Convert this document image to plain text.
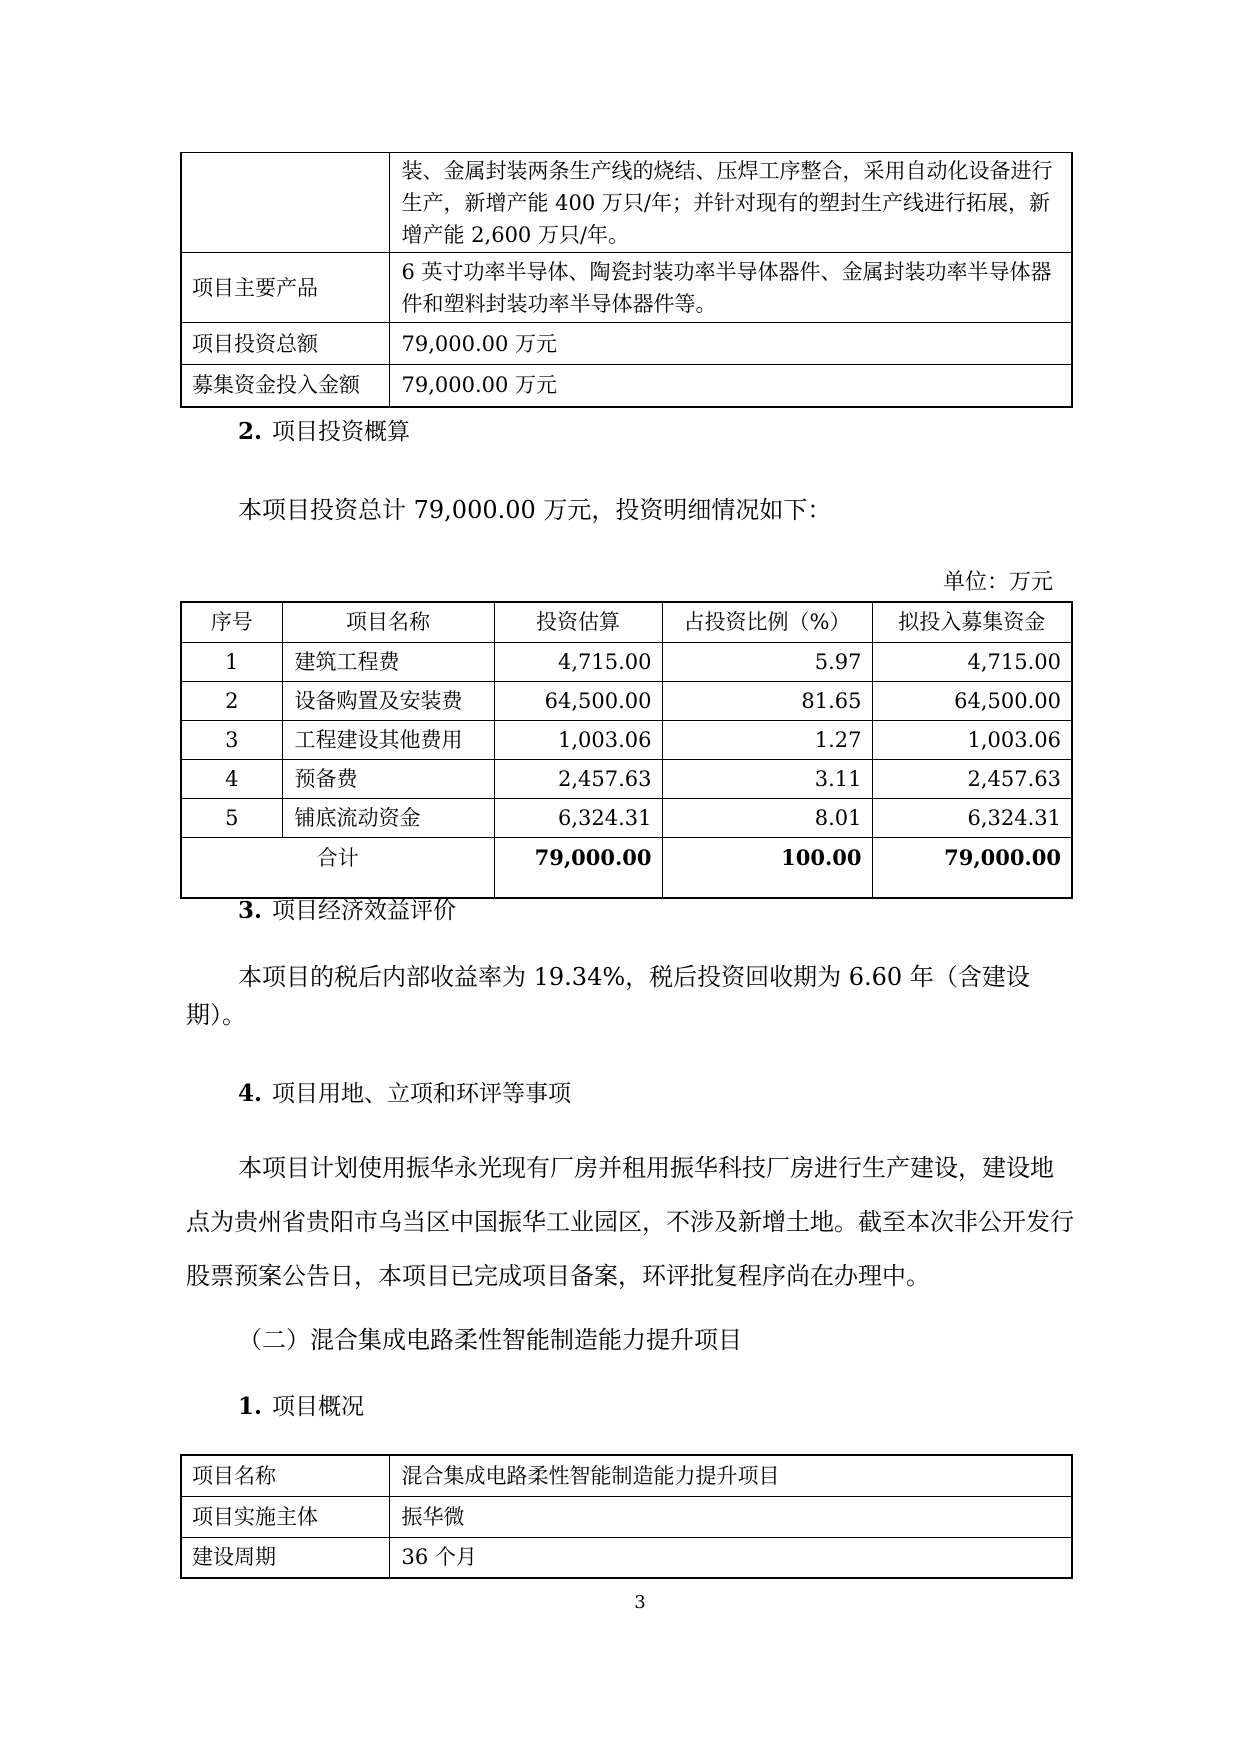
	装、金属封装两条生产线的烧结、压焊工序整合，采用自动化设备进行生产，新增产能 400 万只/年；并针对现有的塑封生产线进行拓展，新增产能 2,600 万只/年。
项目主要产品	6 英寸功率半导体、陶瓷封装功率半导体器件、金属封装功率半导体器件和塑料封装功率半导体器件等。
项目投资总额	79,000.00 万元
募集资金投入金额	79,000.00 万元
2. 项目投资概算
本项目投资总计 79,000.00 万元，投资明细情况如下：
单位：万元
序号	项目名称	投资估算	占投资比例（%）	拟投入募集资金
1	建筑工程费	4,715.00	5.97	4,715.00
2	设备购置及安装费	64,500.00	81.65	64,500.00
3	工程建设其他费用	1,003.06	1.27	1,003.06
4	预备费	2,457.63	3.11	2,457.63
5	铺底流动资金	6,324.31	8.01	6,324.31
合计		79,000.00	100.00	79,000.00
3. 项目经济效益评价
本项目的税后内部收益率为 19.34%，税后投资回收期为 6.60 年（含建设期）。
4. 项目用地、立项和环评等事项
本项目计划使用振华永光现有厂房并租用振华科技厂房进行生产建设，建设地点为贵州省贵阳市乌当区中国振华工业园区，不涉及新增土地。截至本次非公开发行股票预案公告日，本项目已完成项目备案，环评批复程序尚在办理中。
（二）混合集成电路柔性智能制造能力提升项目
1. 项目概况
项目名称	混合集成电路柔性智能制造能力提升项目
项目实施主体	振华微
建设周期	36 个月
3
